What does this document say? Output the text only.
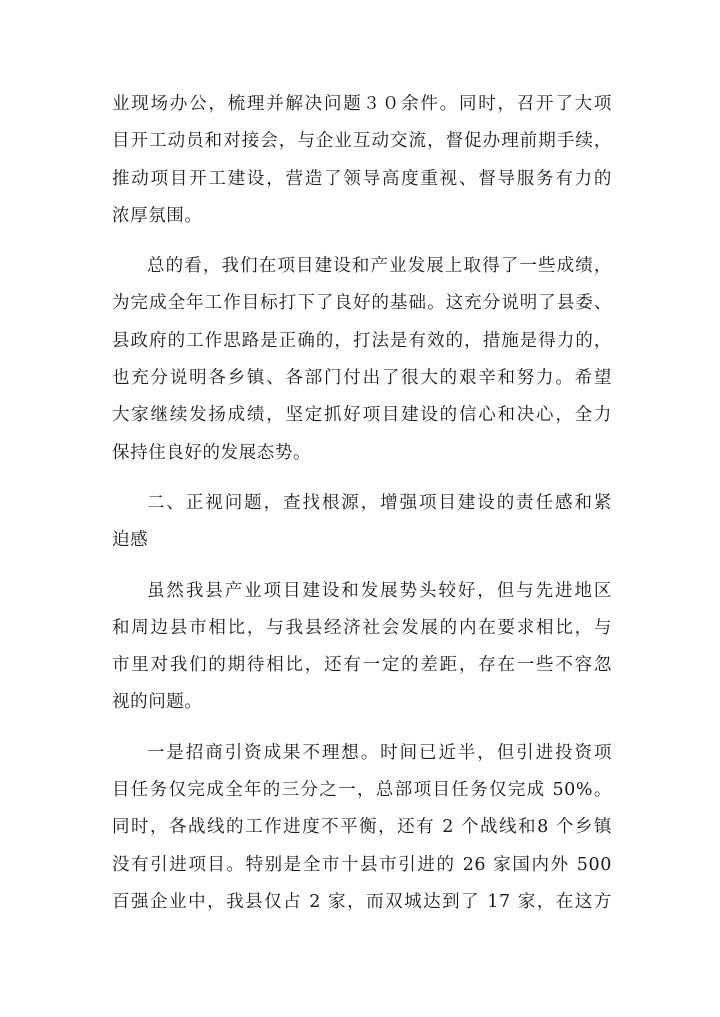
业现场办公，梳理并解决问题３０余件。同时，召开了大项
目开工动员和对接会，与企业互动交流，督促办理前期手续，
推动项目开工建设，营造了领导高度重视、督导服务有力的
浓厚氛围。
总的看，我们在项目建设和产业发展上取得了一些成绩，
为完成全年工作目标打下了良好的基础。这充分说明了县委、
县政府的工作思路是正确的，打法是有效的，措施是得力的，
也充分说明各乡镇、各部门付出了很大的艰辛和努力。希望
大家继续发扬成绩，坚定抓好项目建设的信心和决心，全力
保持住良好的发展态势。
二、正视问题，查找根源，增强项目建设的责任感和紧
迫感
虽然我县产业项目建设和发展势头较好，但与先进地区
和周边县市相比，与我县经济社会发展的内在要求相比，与
市里对我们的期待相比，还有一定的差距，存在一些不容忽
视的问题。
一是招商引资成果不理想。时间已近半，但引进投资项
目任务仅完成全年的三分之一，总部项目任务仅完成 50%。
同时，各战线的工作进度不平衡，还有 2 个战线和8 个乡镇
没有引进项目。特别是全市十县市引进的 26 家国内外 500
百强企业中，我县仅占 2 家，而双城达到了 17 家，在这方
